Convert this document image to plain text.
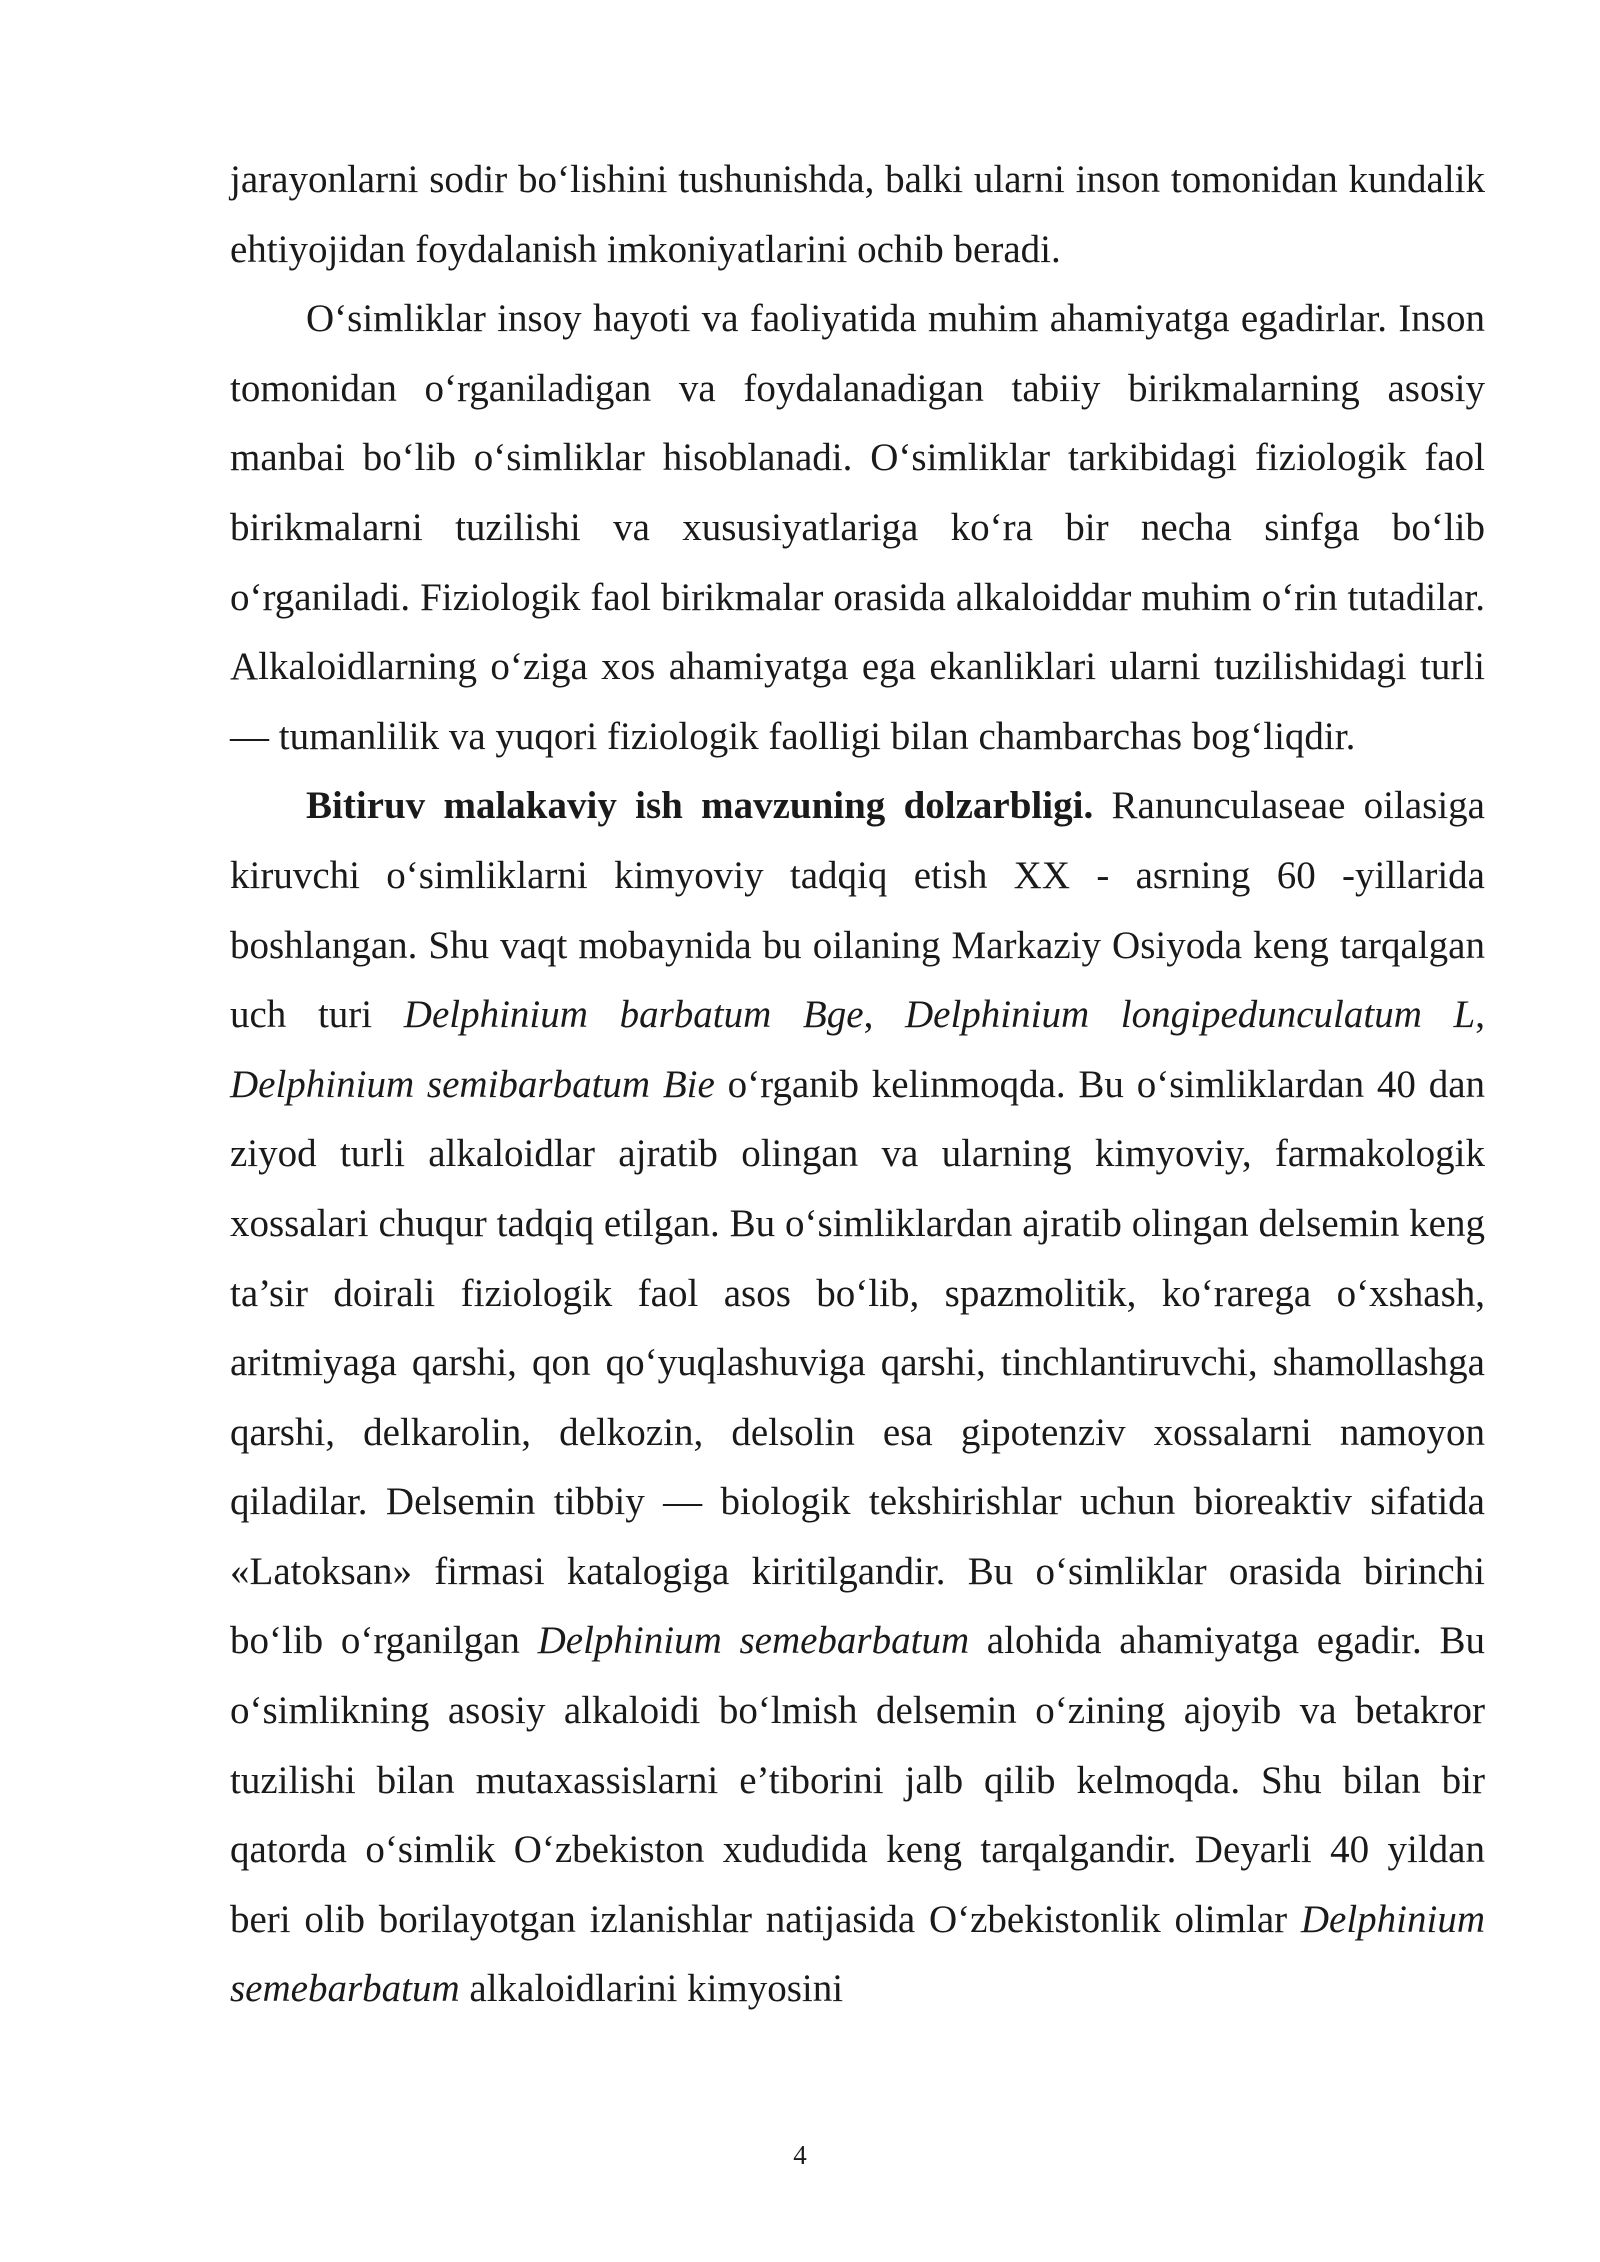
jarayonlarni sodir bo‘lishini tushunishda, balki ularni inson tomonidan kundalik ehtiyojidan foydalanish imkoniyatlarini ochib beradi.

O‘simliklar insoy hayoti va faoliyatida muhim ahamiyatga egadirlar. Inson tomonidan o‘rganiladigan va foydalanadigan tabiiy birikmalarning asosiy manbai bo‘lib o‘simliklar hisoblanadi. O‘simliklar tarkibidagi fiziologik faol birikmalarni tuzilishi va xususiyatlariga ko‘ra bir necha sinfga bo‘lib o‘rganiladi. Fiziologik faol birikmalar orasida alkaloiddar muhim o‘rin tutadilar. Alkaloidlarning o‘ziga xos ahamiyatga ega ekanliklari ularni tuzilishidagi turli — tumanlilik va yuqori fiziologik faolligi bilan chambarchas bog‘liqdir.

Bitiruv malakaviy ish mavzuning dolzarbligi. Ranunculaseae oilasiga kiruvchi o‘simliklarni kimyoviy tadqiq etish XX - asrning 60 -yillarida boshlangan. Shu vaqt mobaynida bu oilaning Markaziy Osiyoda keng tarqalgan uch turi Delphinium barbatum Bge, Delphinium longipedunculatum L, Delphinium semibarbatum Bie o‘rganib kelinmoqda. Bu o‘simliklardan 40 dan ziyod turli alkaloidlar ajratib olingan va ularning kimyoviy, farmakologik xossalari chuqur tadqiq etilgan. Bu o‘simliklardan ajratib olingan delsemin keng ta’sir doirali fiziologik faol asos bo‘lib, spazmolitik, ko‘rarega o‘xshash, aritmiyaga qarshi, qon qo‘yuqlashuviga qarshi, tinchlantiruvchi, shamollashga qarshi, delkarolin, delkozin, delsolin esa gipotenziv xossalarni namoyon qiladilar. Delsemin tibbiy — biologik tekshirishlar uchun bioreaktiv sifatida «Latoksan» firmasi katalogiga kiritilgandir. Bu o‘simliklar orasida birinchi bo‘lib o‘rganilgan Delphinium semebarbatum alohida ahamiyatga egadir. Bu o‘simlikning asosiy alkaloidi bo‘lmish delsemin o‘zining ajoyib va betakror tuzilishi bilan mutaxassislarni e’tiborini jalb qilib kelmoqda. Shu bilan bir qatorda o‘simlik O‘zbekiston xududida keng tarqalgandir. Deyarli 40 yildan beri olib borilayotgan izlanishlar natijasida O‘zbekistonlik olimlar Delphinium semebarbatum alkaloidlarini kimyosini

4
